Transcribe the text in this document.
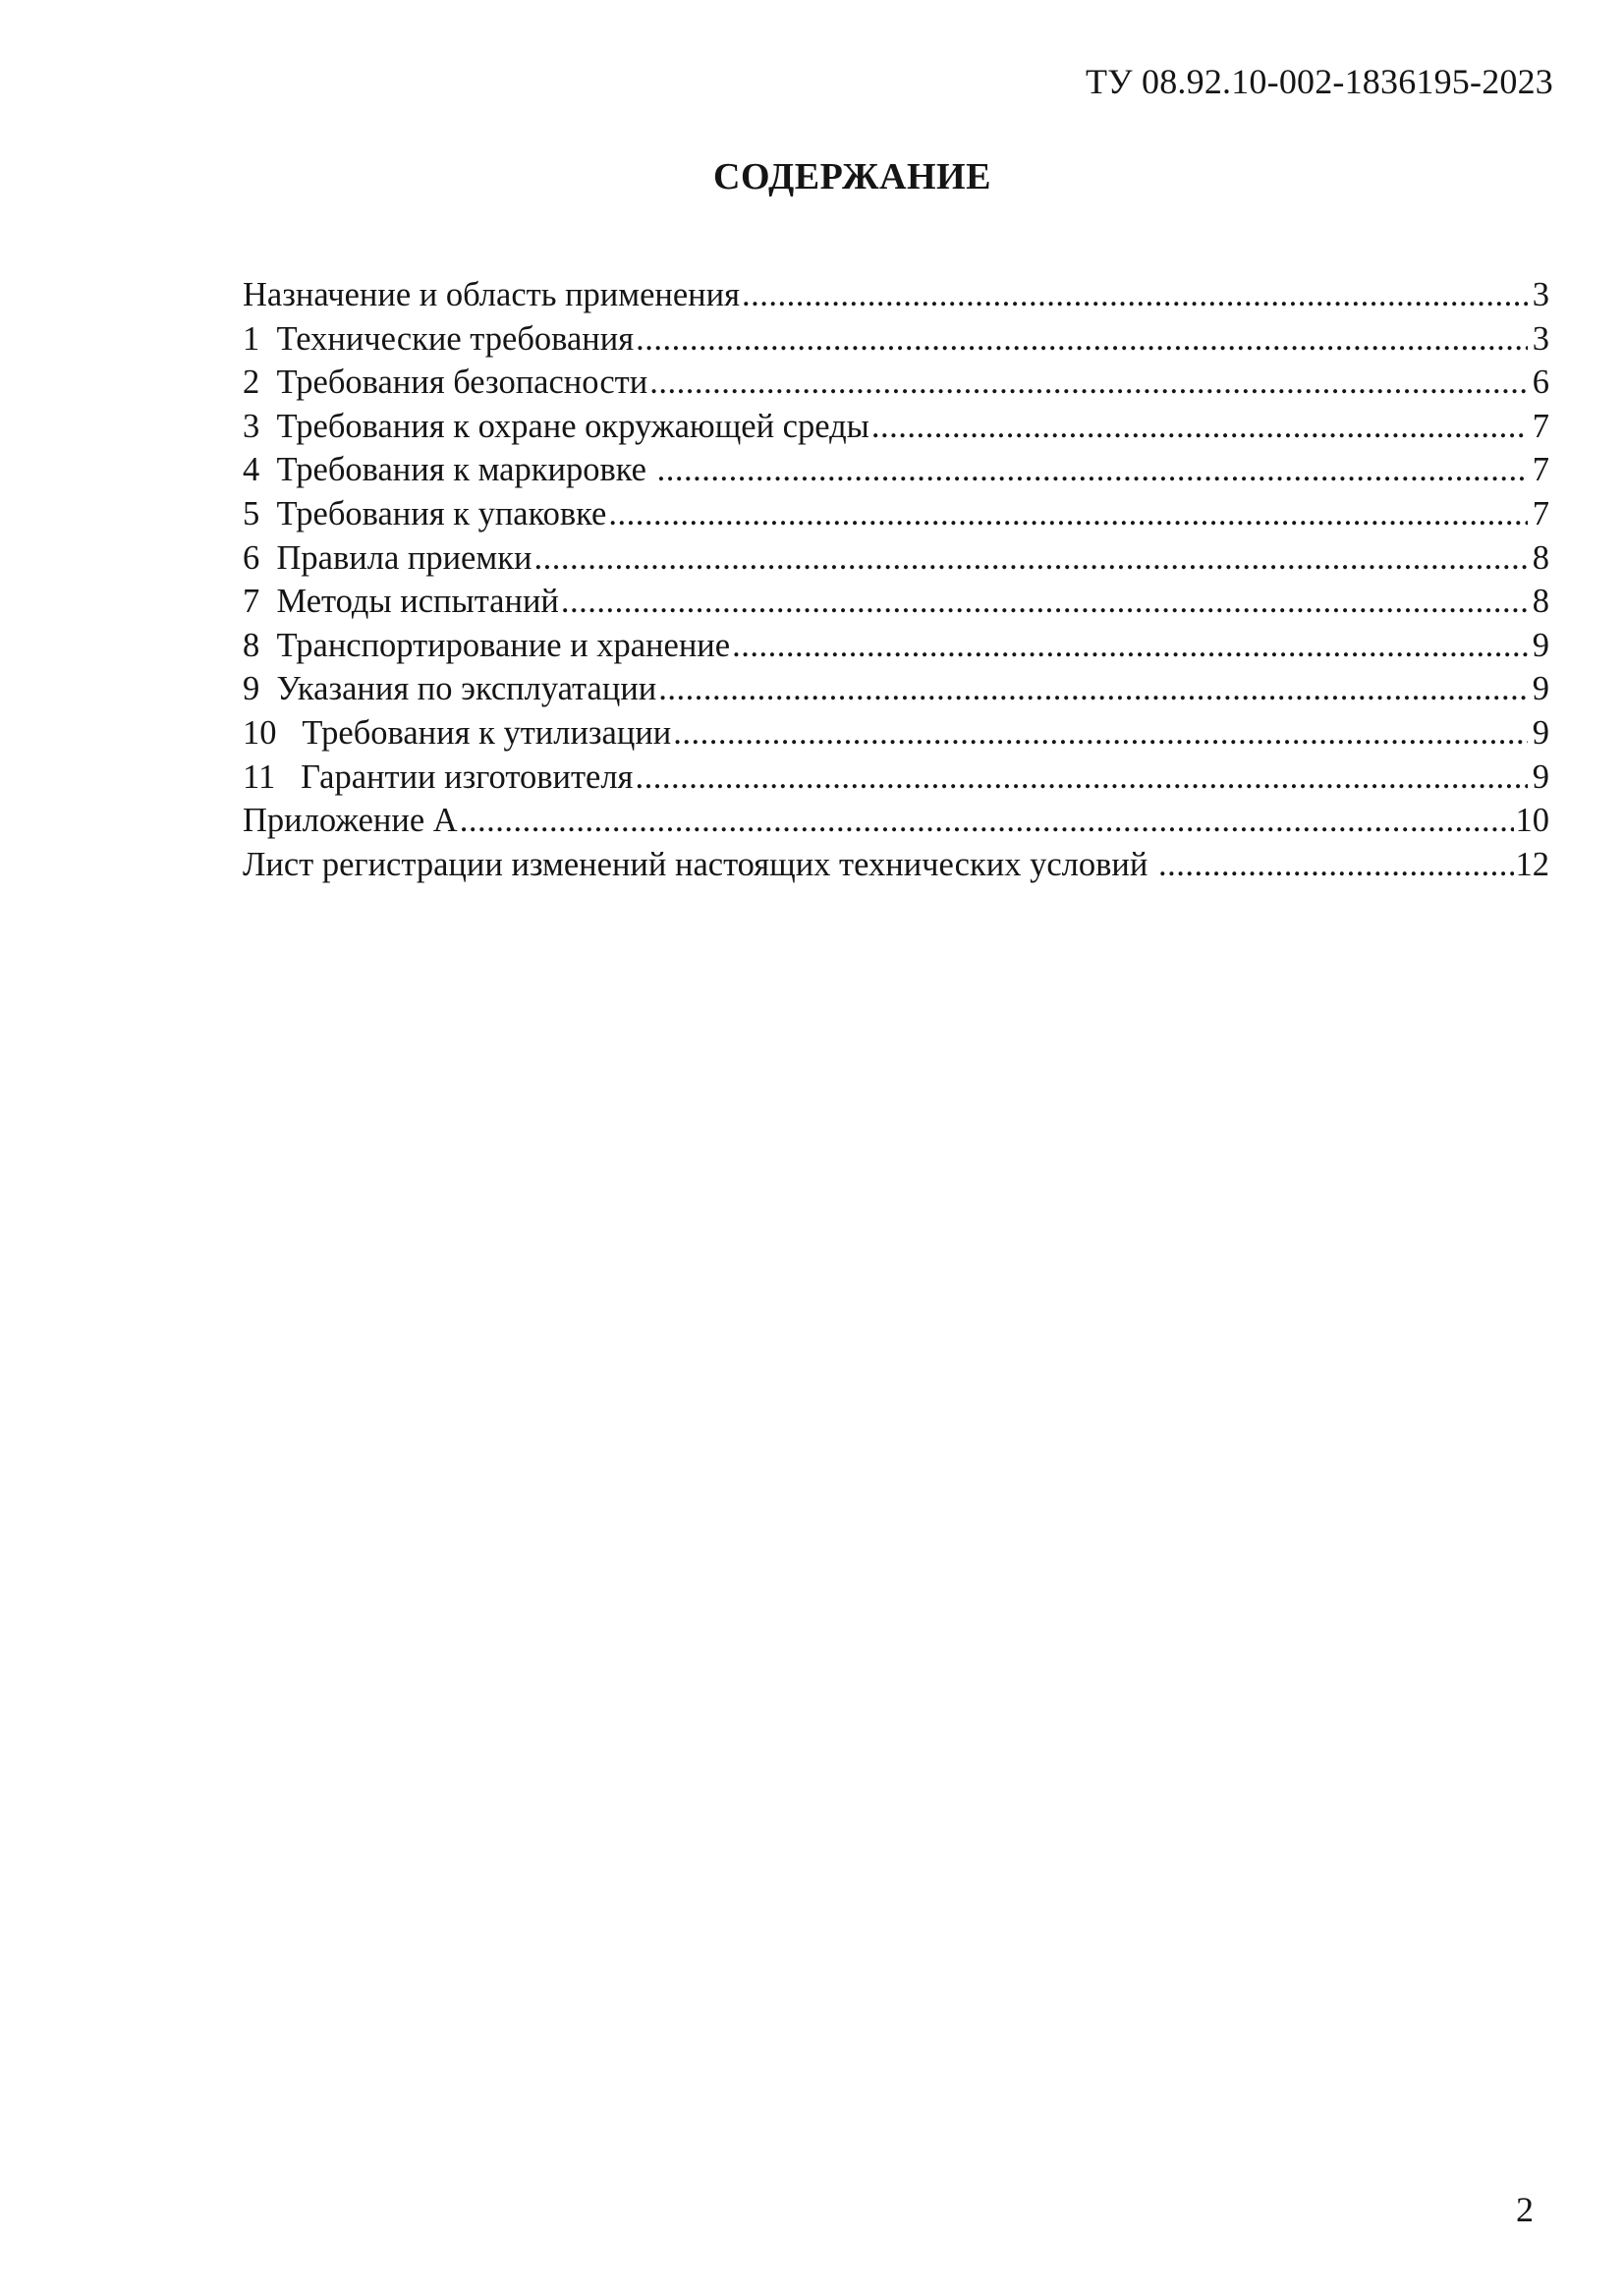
ТУ 08.92.10-002-1836195-2023
СОДЕРЖАНИЕ
Назначение и область применения .....	3
1  Технические требования .....	3
2  Требования безопасности .....	6
3  Требования к охране окружающей среды .....	7
4  Требования к маркировке .....	7
5  Требования к упаковке .....	7
6  Правила приемки .....	8
7  Методы испытаний .....	8
8  Транспортирование и хранение .....	9
9  Указания по эксплуатации .....	9
10   Требования к утилизации .....	9
11   Гарантии изготовителя .....	9
Приложение А .....	10
Лист регистрации изменений настоящих технических условий .....	12
2
